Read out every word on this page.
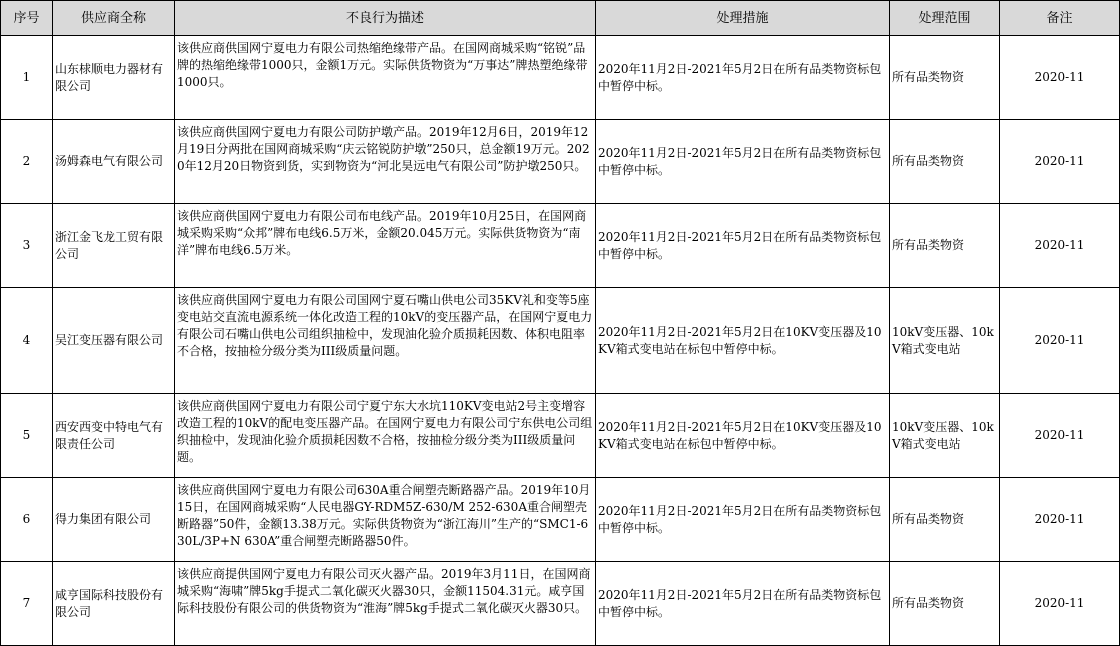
序号	供应商全称	不良行为描述	处理措施	处理范围	备注
1	山东梂顺电力器材有限公司	该供应商供国网宁夏电力有限公司热缩绝缘带产品。在国网商城采购“铭锐”品牌的热缩绝缘带1000只，金额1万元。实际供货物资为“万事达”牌热塑绝缘带1000只。	2020年11月2日-2021年5月2日在所有品类物资标包中暂停中标。	所有品类物资	2020-11
2	汤姆森电气有限公司	该供应商供国网宁夏电力有限公司防护墩产品。2019年12月6日，2019年12月19日分两批在国网商城采购“庆云铭锐防护墩”250只，总金额19万元。2020年12月20日物资到货，实到物资为“河北昊远电气有限公司”防护墩250只。	2020年11月2日-2021年5月2日在所有品类物资标包中暂停中标。	所有品类物资	2020-11
3	浙江金飞龙工贸有限公司	该供应商供国网宁夏电力有限公司布电线产品。2019年10月25日，在国网商城采购采购“众邦”牌布电线6.5万米，金额20.045万元。实际供货物资为“南洋”牌布电线6.5万米。	2020年11月2日-2021年5月2日在所有品类物资标包中暂停中标。	所有品类物资	2020-11
4	吴江变压器有限公司	该供应商供国网宁夏电力有限公司国网宁夏石嘴山供电公司35KV礼和变等5座变电站交直流电源系统一体化改造工程的10kV的变压器产品，在国网宁夏电力有限公司石嘴山供电公司组织抽检中，发现油化验介质损耗因数、体积电阻率不合格，按抽检分级分类为III级质量问题。	2020年11月2日-2021年5月2日在10KV变压器及10KV箱式变电站在标包中暂停中标。	10kV变压器、10kV箱式变电站	2020-11
5	西安西变中特电气有限责任公司	该供应商供国网宁夏电力有限公司宁夏宁东大水坑110KV变电站2号主变增容改造工程的10kV的配电变压器产品。在国网宁夏电力有限公司宁东供电公司组织抽检中，发现油化验介质损耗因数不合格，按抽检分级分类为III级质量问题。	2020年11月2日-2021年5月2日在10KV变压器及10KV箱式变电站在标包中暂停中标。	10kV变压器、10kV箱式变电站	2020-11
6	得力集团有限公司	该供应商供国网宁夏电力有限公司630A重合闸塑壳断路器产品。2019年10月15日，在国网商城采购“人民电器GY-RDM5Z-630/M 252-630A重合闸塑壳断路器”50件，金额13.38万元。实际供货物资为“浙江海川”生产的“SMC1-630L/3P+N 630A”重合闸塑壳断路器50件。	2020年11月2日-2021年5月2日在所有品类物资标包中暂停中标。	所有品类物资	2020-11
7	咸亨国际科技股份有限公司	该供应商提供国网宁夏电力有限公司灭火器产品。2019年3月11日，在国网商城采购“海啸”牌5kg手提式二氧化碳灭火器30只，金额11504.31元。咸亨国际科技股份有限公司的供货物资为“淮海”牌5kg手提式二氧化碳灭火器30只。	2020年11月2日-2021年5月2日在所有品类物资标包中暂停中标。	所有品类物资	2020-11
